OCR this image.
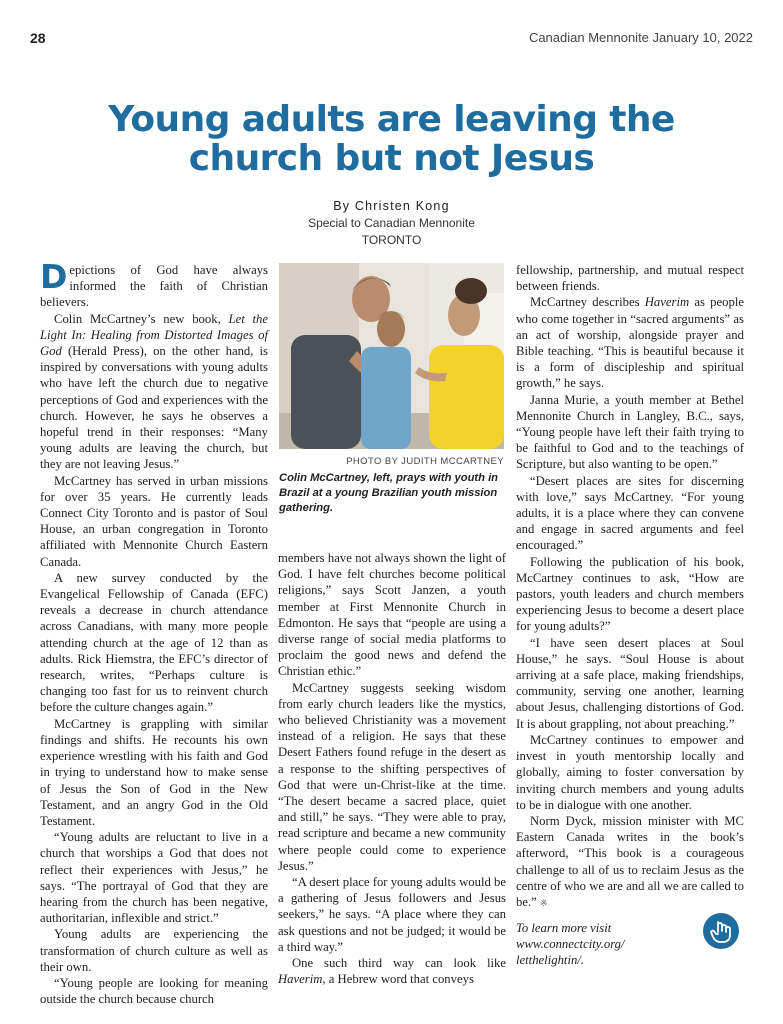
28	Canadian Mennonite January 10, 2022
Young adults are leaving the church but not Jesus
By Christen Kong
Special to Canadian Mennonite
TORONTO

Depictions of God have always informed the faith of Christian believers.

Colin McCartney’s new book, Let the Light In: Healing from Distorted Images of God (Herald Press), on the other hand, is inspired by conversations with young adults who have left the church due to negative perceptions of God and experiences with the church. However, he says he observes a hopeful trend in their responses: “Many young adults are leaving the church, but they are not leaving Jesus.”

McCartney has served in urban missions for over 35 years. He currently leads Connect City Toronto and is pastor of Soul House, an urban congregation in Toronto affiliated with Mennonite Church Eastern Canada.

A new survey conducted by the Evangelical Fellowship of Canada (EFC) reveals a decrease in church attendance across Canadians, with many more people attending church at the age of 12 than as adults. Rick Hiemstra, the EFC’s director of research, writes, “Perhaps culture is changing too fast for us to reinvent church before the culture changes again.”

McCartney is grappling with similar findings and shifts. He recounts his own experience wrestling with his faith and God in trying to understand how to make sense of Jesus the Son of God in the New Testament, and an angry God in the Old Testament.

“Young adults are reluctant to live in a church that worships a God that does not reflect their experiences with Jesus,” he says. “The portrayal of God that they are hearing from the church has been negative, authoritarian, inflexible and strict.”

Young adults are experiencing the transformation of church culture as well as their own.

“Young people are looking for meaning outside the church because church

PHOTO BY JUDITH MCCARTNEY
Colin McCartney, left, prays with youth in Brazil at a young Brazilian youth mission gathering.

members have not always shown the light of God. I have felt churches become political religions,” says Scott Janzen, a youth member at First Mennonite Church in Edmonton. He says that “people are using a diverse range of social media platforms to proclaim the good news and defend the Christian ethic.”

McCartney suggests seeking wisdom from early church leaders like the mystics, who believed Christianity was a movement instead of a religion. He says that these Desert Fathers found refuge in the desert as a response to the shifting perspectives of God that were un-Christ-like at the time. “The desert became a sacred place, quiet and still,” he says. “They were able to pray, read scripture and became a new community where people could come to experience Jesus.”

“A desert place for young adults would be a gathering of Jesus followers and Jesus seekers,” he says. “A place where they can ask questions and not be judged; it would be a third way.”

One such third way can look like Haverim, a Hebrew word that conveys

fellowship, partnership, and mutual respect between friends.

McCartney describes Haverim as people who come together in “sacred arguments” as an act of worship, alongside prayer and Bible teaching. “This is beautiful because it is a form of discipleship and spiritual growth,” he says.

Janna Murie, a youth member at Bethel Mennonite Church in Langley, B.C., says, “Young people have left their faith trying to be faithful to God and to the teachings of Scripture, but also wanting to be open.”

“Desert places are sites for discerning with love,” says McCartney. “For young adults, it is a place where they can convene and engage in sacred arguments and feel encouraged.”

Following the publication of his book, McCartney continues to ask, “How are pastors, youth leaders and church members experiencing Jesus to become a desert place for young adults?”

“I have seen desert places at Soul House,” he says. “Soul House is about arriving at a safe place, making friendships, community, serving one another, learning about Jesus, challenging distortions of God. It is about grappling, not about preaching.”

McCartney continues to empower and invest in youth mentorship locally and globally, aiming to foster conversation by inviting church members and young adults to be in dialogue with one another.

Norm Dyck, mission minister with MC Eastern Canada writes in the book’s afterword, “This book is a courageous challenge to all of us to reclaim Jesus as the centre of who we are and all we are called to be.” ※

To learn more visit
www.connectcity.org/
letthelightin/.
